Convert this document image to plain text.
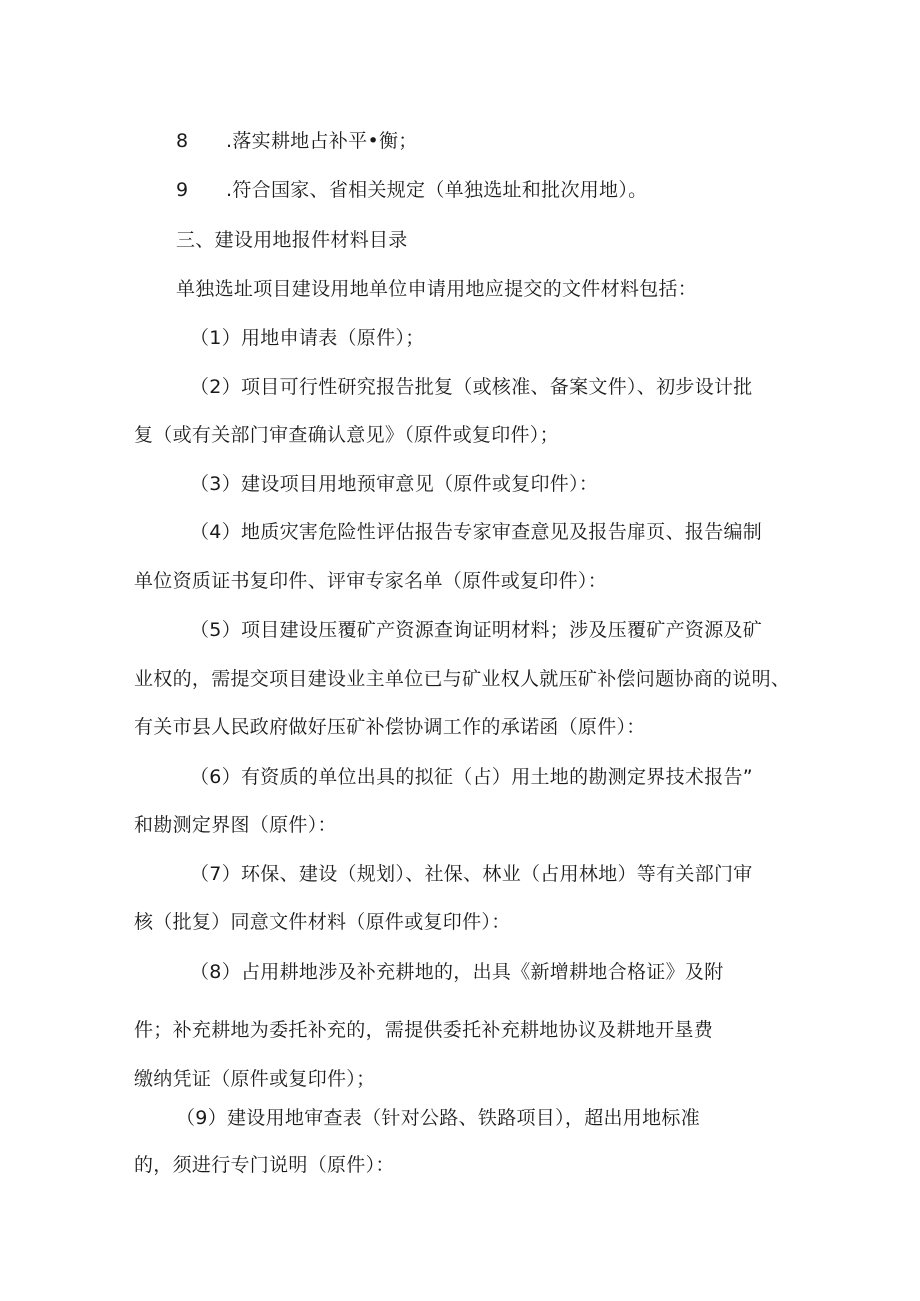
8 .落实耕地占补平•衡；
9 .符合国家、省相关规定（单独选址和批次用地）。
三、建设用地报件材料目录
单独选址项目建设用地单位申请用地应提交的文件材料包括：
（1）用地申请表（原件）；
（2）项目可行性研究报告批复（或核准、备案文件）、初步设计批
复（或有关部门审查确认意见》（原件或复印件）；
（3）建设项目用地预审意见（原件或复印件）：
（4）地质灾害危险性评估报告专家审查意见及报告扉页、报告编制
单位资质证书复印件、评审专家名单（原件或复印件）：
（5）项目建设压覆矿产资源查询证明材料；涉及压覆矿产资源及矿
业权的，需提交项目建设业主单位已与矿业权人就压矿补偿问题协商的说明、
有关市县人民政府做好压矿补偿协调工作的承诺函（原件）：
（6）有资质的单位出具的拟征（占）用土地的勘测定界技术报告”
和勘测定界图（原件）：
（7）环保、建设（规划）、社保、林业（占用林地）等有关部门审
核（批复）同意文件材料（原件或复印件）：
（8）占用耕地涉及补充耕地的，出具《新增耕地合格证》及附
件；补充耕地为委托补充的，需提供委托补充耕地协议及耕地开垦费
缴纳凭证（原件或复印件）；
（9）建设用地审查表（针对公路、铁路项目），超出用地标准
的，须进行专门说明（原件）：
